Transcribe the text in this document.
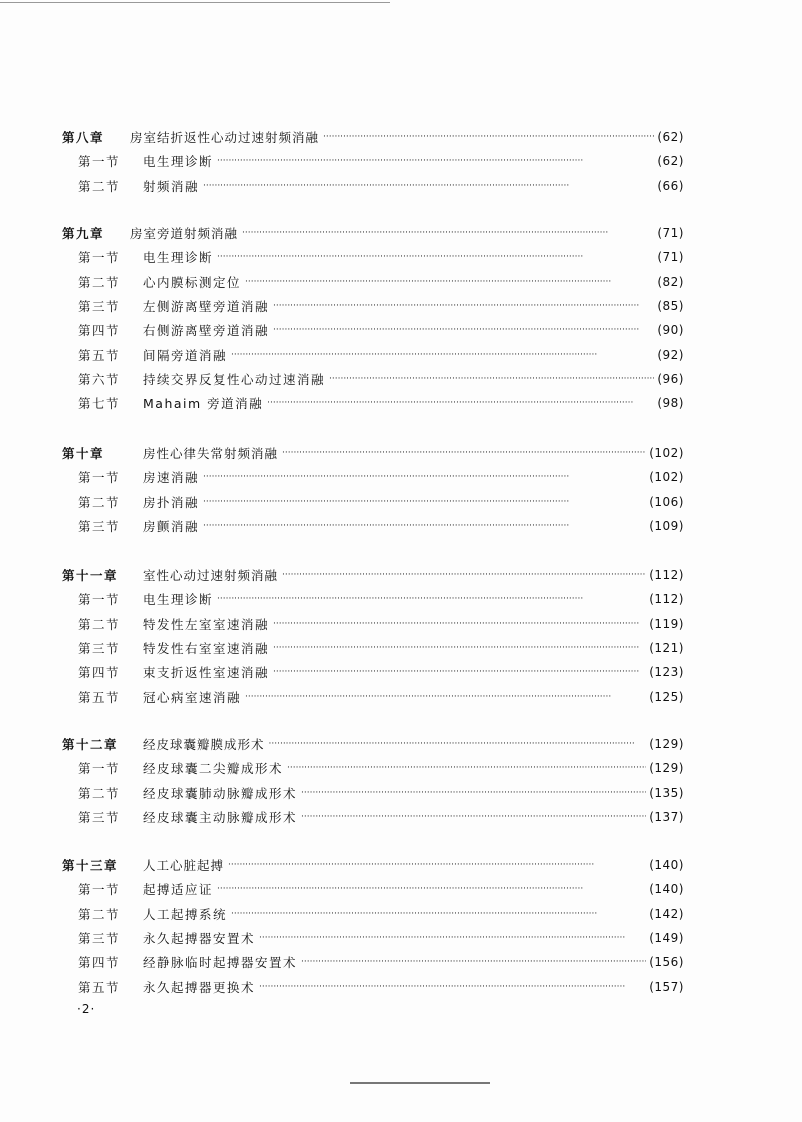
第八章	房室结折返性心动过速射频消融 ·····	(62)
第一节	电生理诊断 ·····	(62)
第二节	射频消融 ·····	(66)
第九章	房室旁道射频消融 ·····	(71)
第一节	电生理诊断 ·····	(71)
第二节	心内膜标测定位 ·····	(82)
第三节	左侧游离壁旁道消融 ·····	(85)
第四节	右侧游离壁旁道消融 ·····	(90)
第五节	间隔旁道消融 ·····	(92)
第六节	持续交界反复性心动过速消融 ·····	(96)
第七节	Mahaim 旁道消融 ·····	(98)
第十章	房性心律失常射频消融 ·····	(102)
第一节	房速消融 ·····	(102)
第二节	房扑消融 ·····	(106)
第三节	房颤消融 ·····	(109)
第十一章	室性心动过速射频消融 ·····	(112)
第一节	电生理诊断 ·····	(112)
第二节	特发性左室室速消融 ·····	(119)
第三节	特发性右室室速消融 ·····	(121)
第四节	束支折返性室速消融 ·····	(123)
第五节	冠心病室速消融 ·····	(125)
第十二章	经皮球囊瓣膜成形术 ·····	(129)
第一节	经皮球囊二尖瓣成形术 ·····	(129)
第二节	经皮球囊肺动脉瓣成形术 ·····	(135)
第三节	经皮球囊主动脉瓣成形术 ·····	(137)
第十三章	人工心脏起搏 ·····	(140)
第一节	起搏适应证 ·····	(140)
第二节	人工起搏系统 ·····	(142)
第三节	永久起搏器安置术 ·····	(149)
第四节	经静脉临时起搏器安置术 ·····	(156)
第五节	永久起搏器更换术 ·····	(157)
·2·
